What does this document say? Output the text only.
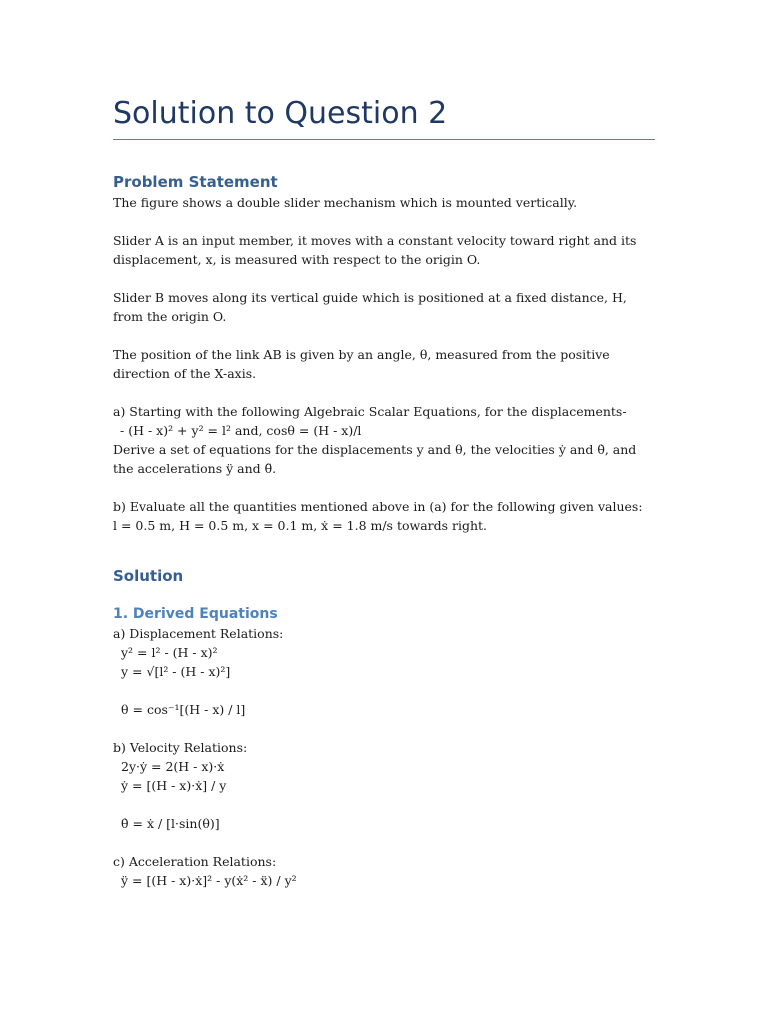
Solution to Question 2
Problem Statement

The figure shows a double slider mechanism which is mounted vertically.

Slider A is an input member, it moves with a constant velocity toward right and its displacement, x, is measured with respect to the origin O.

Slider B moves along its vertical guide which is positioned at a fixed distance, H, from the origin O.

The position of the link AB is given by an angle, θ, measured from the positive direction of the X-axis.

a) Starting with the following Algebraic Scalar Equations, for the displacements-

- (H - x)² + y² = l² and, cosθ = (H - x)/l

Derive a set of equations for the displacements y and θ, the velocities ẏ and θ̇, and the accelerations ÿ and θ̈.

b) Evaluate all the quantities mentioned above in (a) for the following given values:

l = 0.5 m, H = 0.5 m, x = 0.1 m, ẋ = 1.8 m/s towards right.

Solution
1. Derived Equations

a) Displacement Relations:

y² = l² - (H - x)²

y = √[l² - (H - x)²]

θ = cos⁻¹[(H - x) / l]

b) Velocity Relations:

2y·ẏ = 2(H - x)·ẋ

ẏ = [(H - x)·ẋ] / y

θ̇ = ẋ / [l·sin(θ)]

c) Acceleration Relations:

ÿ = [(H - x)·ẋ]² - y(ẋ² - ẍ) / y²
